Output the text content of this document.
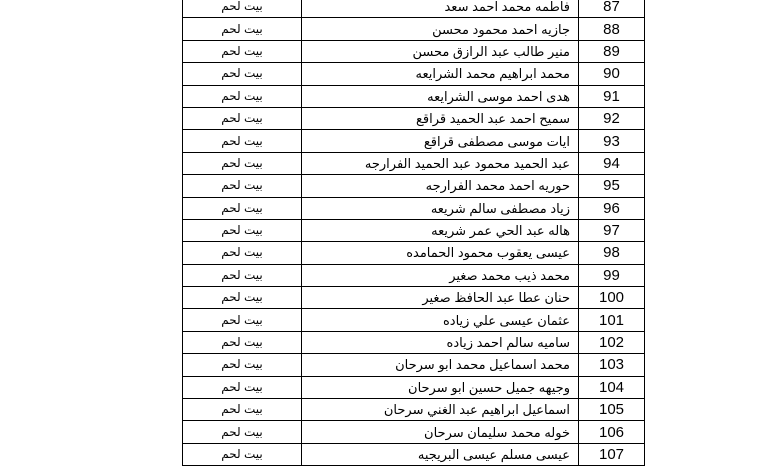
بيت لحم	فاطمه محمد احمد سعد	87
بيت لحم	جازيه احمد محمود محسن	88
بيت لحم	منير طالب عبد الرازق محسن	89
بيت لحم	محمد ابراهيم محمد الشرايعه	90
بيت لحم	هدى احمد موسى الشرايعه	91
بيت لحم	سميح احمد عبد الحميد قراقع	92
بيت لحم	ايات موسى مصطفى قراقع	93
بيت لحم	عبد الحميد محمود عبد الحميد الفرارجه	94
بيت لحم	حوريه احمد محمد الفرارجه	95
بيت لحم	زياد مصطفى سالم شريعه	96
بيت لحم	هاله عبد الحي عمر شريعه	97
بيت لحم	عيسى يعقوب محمود الحمامده	98
بيت لحم	محمد ذيب محمد صغير	99
بيت لحم	حنان عطا عبد الحافظ صغير	100
بيت لحم	عثمان عيسى علي زياده	101
بيت لحم	ساميه سالم احمد زياده	102
بيت لحم	محمد اسماعيل محمد ابو سرحان	103
بيت لحم	وجيهه جميل حسين ابو سرحان	104
بيت لحم	اسماعيل ابراهيم عبد الغني سرحان	105
بيت لحم	خوله محمد سليمان سرحان	106
بيت لحم	عيسى مسلم عيسى البريجيه	107
